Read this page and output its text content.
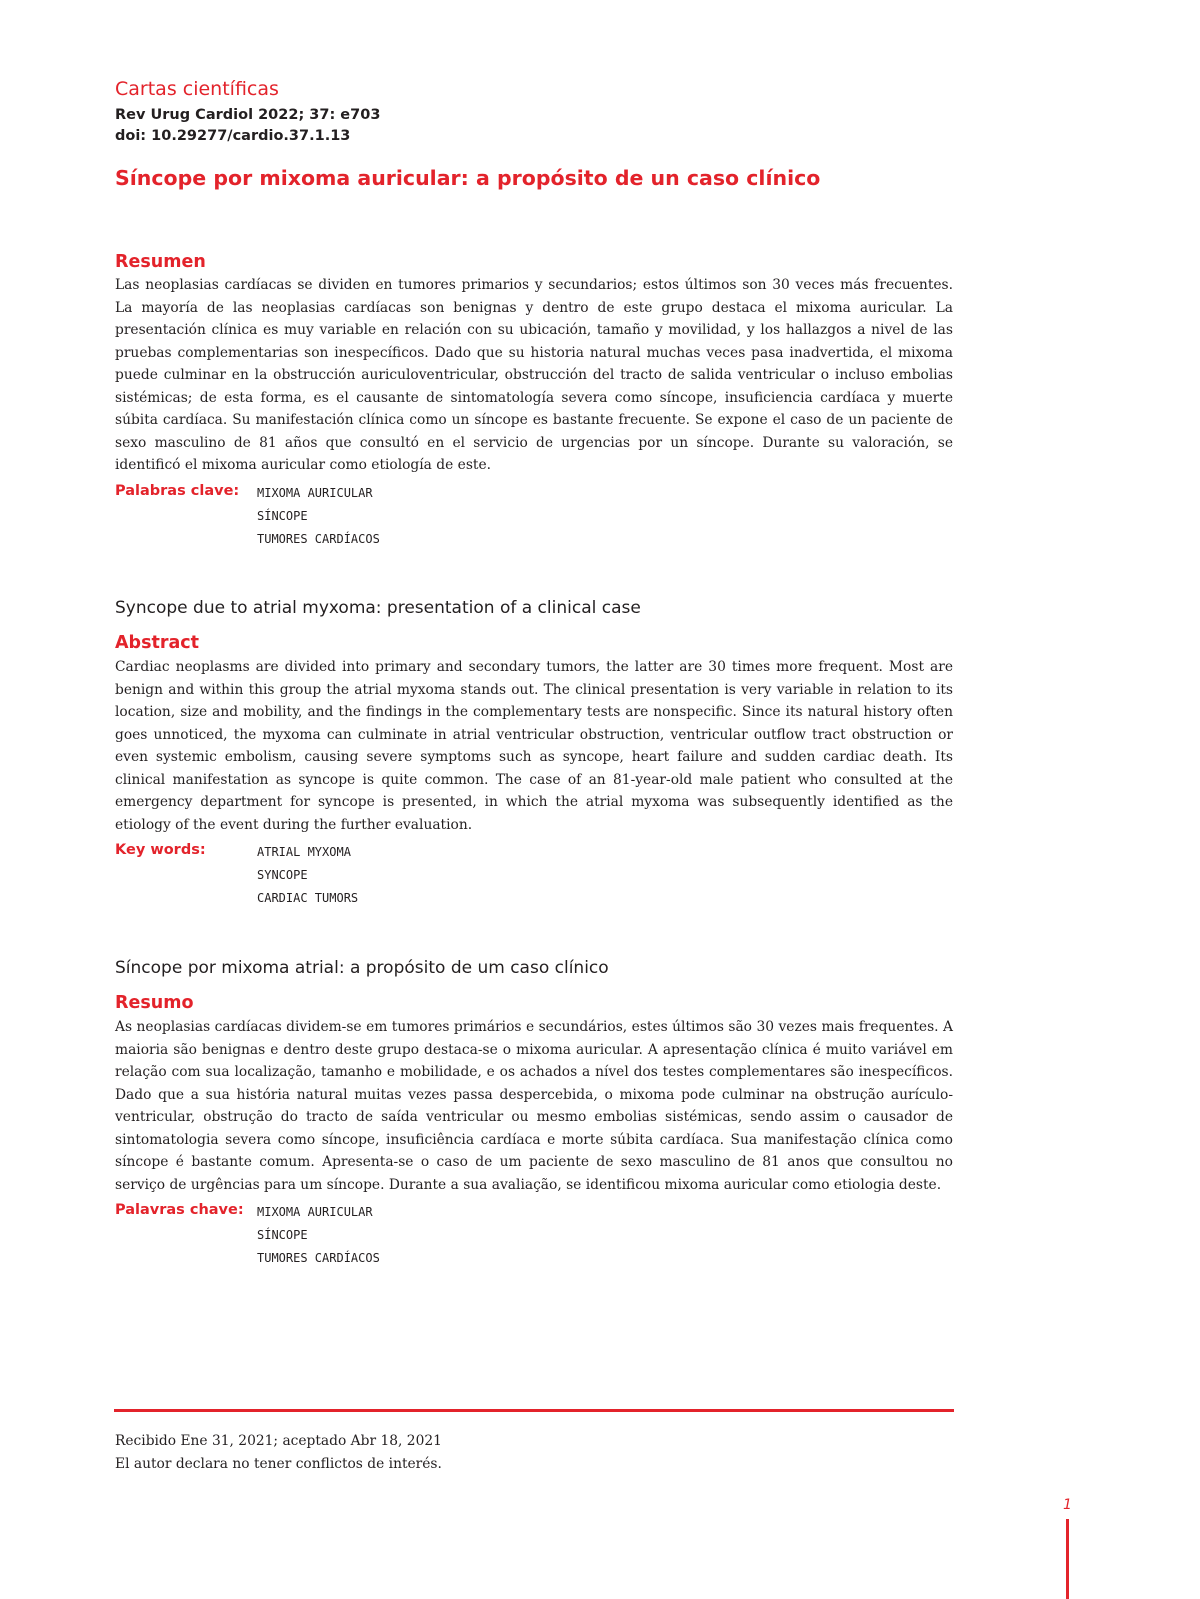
Cartas científicas
Rev Urug Cardiol 2022; 37: e703
doi: 10.29277/cardio.37.1.13
Síncope por mixoma auricular: a propósito de un caso clínico
Resumen
Las neoplasias cardíacas se dividen en tumores primarios y secundarios; estos últimos son 30 veces más frecuentes. La mayoría de las neoplasias cardíacas son benignas y dentro de este grupo destaca el mixoma auricular. La presentación clínica es muy variable en relación con su ubicación, tamaño y movilidad, y los hallazgos a nivel de las pruebas complementarias son inespecíficos. Dado que su historia natural muchas veces pasa inadvertida, el mixoma puede culminar en la obstrucción auriculoventricular, obstrucción del tracto de salida ventricular o incluso embolias sistémicas; de esta forma, es el causante de sintomatología severa como síncope, insuficiencia cardíaca y muerte súbita cardíaca. Su manifestación clínica como un síncope es bastante frecuente. Se expone el caso de un paciente de sexo masculino de 81 años que consultó en el servicio de urgencias por un síncope. Durante su valoración, se identificó el mixoma auricular como etiología de este.
Palabras clave: MIXOMA AURICULAR
SÍNCOPE
TUMORES CARDÍACOS
Syncope due to atrial myxoma: presentation of a clinical case
Abstract
Cardiac neoplasms are divided into primary and secondary tumors, the latter are 30 times more frequent. Most are benign and within this group the atrial myxoma stands out. The clinical presentation is very variable in relation to its location, size and mobility, and the findings in the complementary tests are nonspecific. Since its natural history often goes unnoticed, the myxoma can culminate in atrial ventricular obstruction, ventricular outflow tract obstruction or even systemic embolism, causing severe symptoms such as syncope, heart failure and sudden cardiac death. Its clinical manifestation as syncope is quite common. The case of an 81-year-old male patient who consulted at the emergency department for syncope is presented, in which the atrial myxoma was subsequently identified as the etiology of the event during the further evaluation.
Key words:	ATRIAL MYXOMA
SYNCOPE
CARDIAC TUMORS
Síncope por mixoma atrial: a propósito de um caso clínico
Resumo
As neoplasias cardíacas dividem-se em tumores primários e secundários, estes últimos são 30 vezes mais frequentes. A maioria são benignas e dentro deste grupo destaca-se o mixoma auricular. A apresentação clínica é muito variável em relação com sua localização, tamanho e mobilidade, e os achados a nível dos testes complementares são inespecíficos. Dado que a sua história natural muitas vezes passa despercebida, o mixoma pode culminar na obstrução aurículo-ventricular, obstrução do tracto de saída ventricular ou mesmo embolias sistémicas, sendo assim o causador de sintomatologia severa como síncope, insuficiência cardíaca e morte súbita cardíaca. Sua manifestação clínica como síncope é bastante comum. Apresenta-se o caso de um paciente de sexo masculino de 81 anos que consultou no serviço de urgências para um síncope. Durante a sua avaliação, se identificou mixoma auricular como etiologia deste.
Palavras chave: MIXOMA AURICULAR
SÍNCOPE
TUMORES CARDÍACOS
Recibido Ene 31, 2021; aceptado Abr 18, 2021
El autor declara no tener conflictos de interés.
1
